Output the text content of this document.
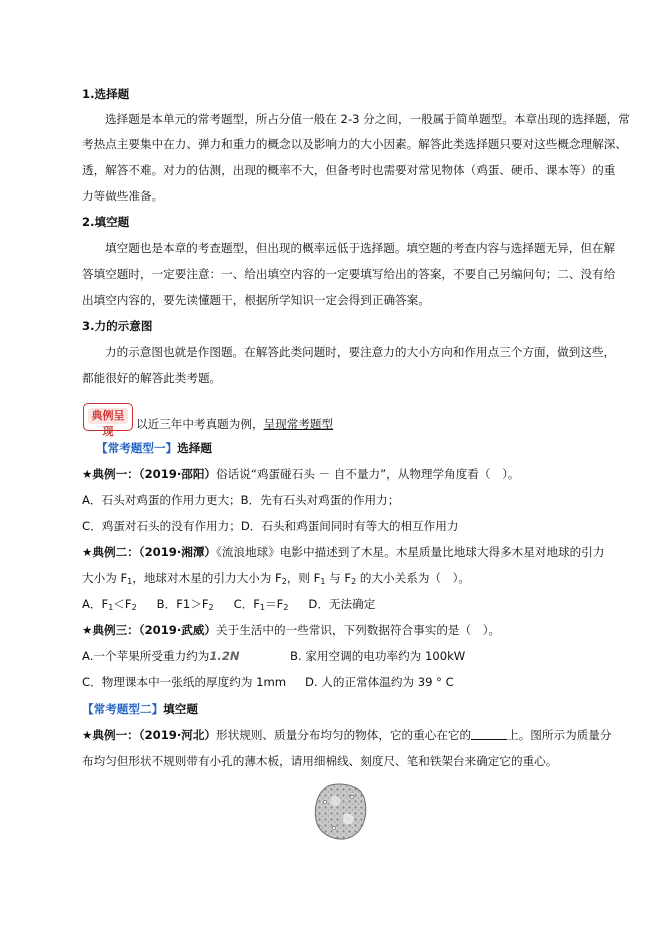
1.选择题
选择题是本单元的常考题型，所占分值一般在 2-3 分之间，一般属于简单题型。本章出现的选择题，常
考热点主要集中在力、弹力和重力的概念以及影响力的大小因素。解答此类选择题只要对这些概念理解深、
透，解答不难。对力的估测，出现的概率不大，但备考时也需要对常见物体（鸡蛋、硬币、课本等）的重
力等做些准备。
2.填空题
填空题也是本章的考查题型，但出现的概率远低于选择题。填空题的考查内容与选择题无异，但在解
答填空题时，一定要注意：一、给出填空内容的一定要填写给出的答案，不要自己另编问句；二、没有给
出填空内容的，要先读懂题干，根据所学知识一定会得到正确答案。
3.力的示意图
力的示意图也就是作图题。在解答此类问题时，要注意力的大小方向和作用点三个方面，做到这些，
都能很好的解答此类考题。
典例呈现
以近三年中考真题为例，呈现常考题型
【常考题型一】选择题
★典例一：（2019·邵阳）俗话说“鸡蛋碰石头 － 自不量力”，从物理学角度看（　）。
A．石头对鸡蛋的作用力更大；B．先有石头对鸡蛋的作用力；
C．鸡蛋对石头的没有作用力；D．石头和鸡蛋间同时有等大的相互作用力
★典例二：（2019·湘潭）《流浪地球》电影中描述到了木星。木星质量比地球大得多木星对地球的引力
大小为 $F_1$，地球对木星的引力大小为 $F_2$，则 $F_1$ 与 $F_2$ 的大小关系为（　）。
A．$F_1<F_2$ B．$F1>F_2$ C．$F_1=F_2$ D．无法确定
★典例三：（2019·武威）关于生活中的一些常识，下列数据符合事实的是（　）。
A.一个苹果所受重力约为1.2N	B. 家用空调的电功率约为 100kW
C．物理课本中一张纸的厚度约为 1mm D. 人的正常体温约为 39 ° C
【常考题型二】填空题
★典例一：（2019·河北）形状规则、质量分布均匀的物体，它的重心在它的	上。图所示为质量分
布均匀但形状不规则带有小孔的薄木板，请用细棉线、刻度尺、笔和铁架台来确定它的重心。
